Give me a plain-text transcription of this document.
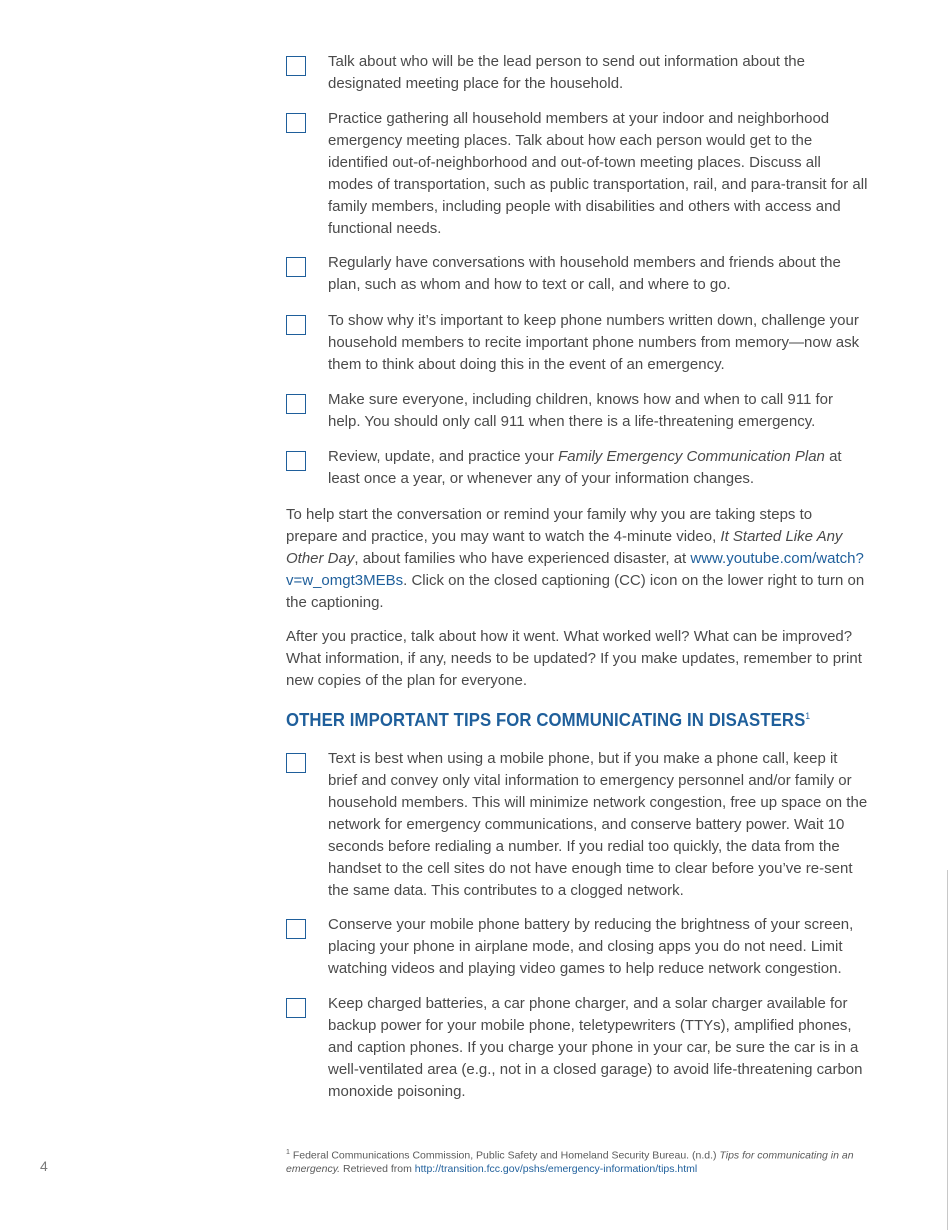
Talk about who will be the lead person to send out information about the designated meeting place for the household.
Practice gathering all household members at your indoor and neighborhood emergency meeting places. Talk about how each person would get to the identified out-of-neighborhood and out-of-town meeting places. Discuss all modes of transportation, such as public transportation, rail, and para-transit for all family members, including people with disabilities and others with access and functional needs.
Regularly have conversations with household members and friends about the plan, such as whom and how to text or call, and where to go.
To show why it’s important to keep phone numbers written down, challenge your household members to recite important phone numbers from memory—now ask them to think about doing this in the event of an emergency.
Make sure everyone, including children, knows how and when to call 911 for help. You should only call 911 when there is a life-threatening emergency.
Review, update, and practice your Family Emergency Communication Plan at least once a year, or whenever any of your information changes.
To help start the conversation or remind your family why you are taking steps to prepare and practice, you may want to watch the 4-minute video, It Started Like Any Other Day, about families who have experienced disaster, at www.youtube.com/watch?v=w_omgt3MEBs. Click on the closed captioning (CC) icon on the lower right to turn on the captioning.
After you practice, talk about how it went. What worked well? What can be improved? What information, if any, needs to be updated? If you make updates, remember to print new copies of the plan for everyone.
OTHER IMPORTANT TIPS FOR COMMUNICATING IN DISASTERS$^1$
Text is best when using a mobile phone, but if you make a phone call, keep it brief and convey only vital information to emergency personnel and/or family or household members. This will minimize network congestion, free up space on the network for emergency communications, and conserve battery power. Wait 10 seconds before redialing a number. If you redial too quickly, the data from the handset to the cell sites do not have enough time to clear before you’ve re-sent the same data. This contributes to a clogged network.
Conserve your mobile phone battery by reducing the brightness of your screen, placing your phone in airplane mode, and closing apps you do not need. Limit watching videos and playing video games to help reduce network congestion.
Keep charged batteries, a car phone charger, and a solar charger available for backup power for your mobile phone, teletypewriters (TTYs), amplified phones, and caption phones. If you charge your phone in your car, be sure the car is in a well-ventilated area (e.g., not in a closed garage) to avoid life-threatening carbon monoxide poisoning.
$^1$ Federal Communications Commission, Public Safety and Homeland Security Bureau. (n.d.) Tips for communicating in an emergency. Retrieved from http://transition.fcc.gov/pshs/emergency-information/tips.html
4
